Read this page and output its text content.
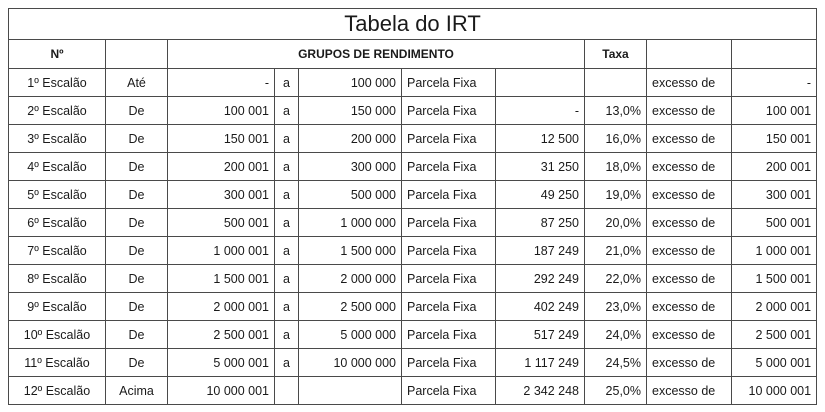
Tabela do IRT									
Nº		GRUPOS DE RENDIMENTO					Taxa		
1º Escalão	Até	-	a	100 000	Parcela Fixa			excesso de	-
2º Escalão	De	100 001	a	150 000	Parcela Fixa	-	13,0%	excesso de	100 001
3º Escalão	De	150 001	a	200 000	Parcela Fixa	12 500	16,0%	excesso de	150 001
4º Escalão	De	200 001	a	300 000	Parcela Fixa	31 250	18,0%	excesso de	200 001
5º Escalão	De	300 001	a	500 000	Parcela Fixa	49 250	19,0%	excesso de	300 001
6º Escalão	De	500 001	a	1 000 000	Parcela Fixa	87 250	20,0%	excesso de	500 001
7º Escalão	De	1 000 001	a	1 500 000	Parcela Fixa	187 249	21,0%	excesso de	1 000 001
8º Escalão	De	1 500 001	a	2 000 000	Parcela Fixa	292 249	22,0%	excesso de	1 500 001
9º Escalão	De	2 000 001	a	2 500 000	Parcela Fixa	402 249	23,0%	excesso de	2 000 001
10º Escalão	De	2 500 001	a	5 000 000	Parcela Fixa	517 249	24,0%	excesso de	2 500 001
11º Escalão	De	5 000 001	a	10 000 000	Parcela Fixa	1 117 249	24,5%	excesso de	5 000 001
12º Escalão	Acima	10 000 001			Parcela Fixa	2 342 248	25,0%	excesso de	10 000 001
